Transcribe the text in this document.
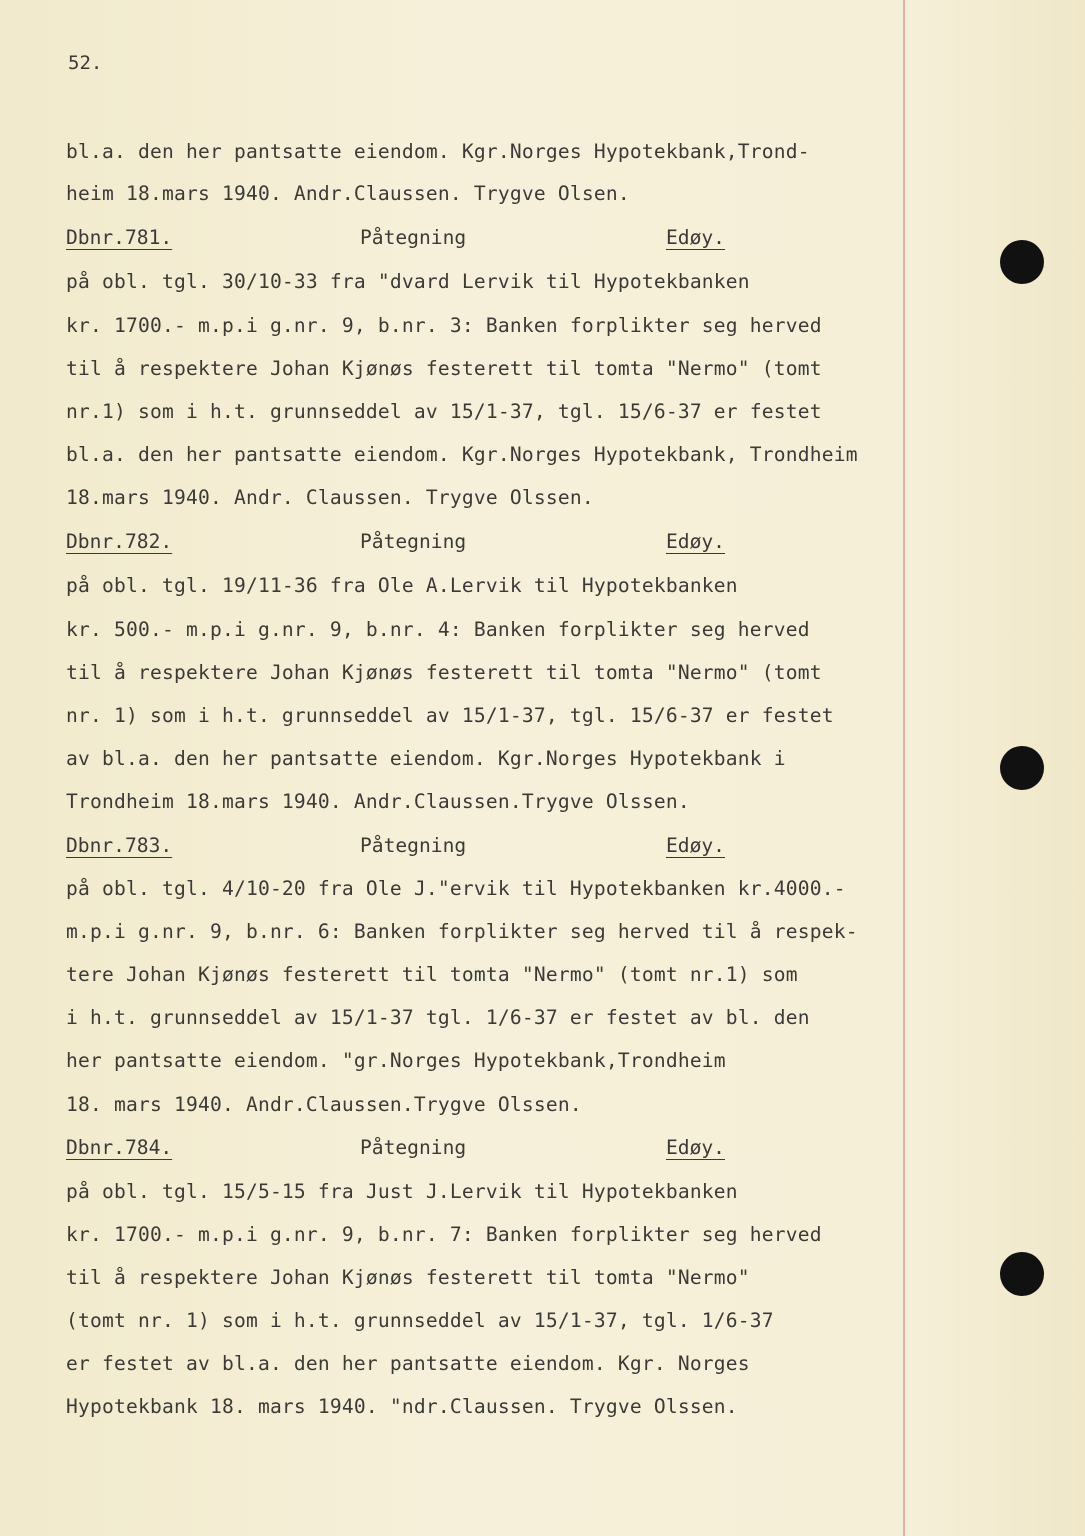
52.
bl.a. den her pantsatte eiendom. Kgr.Norges Hypotekbank,Trond-
heim 18.mars 1940. Andr.Claussen. Trygve Olsen.
Dbnr.781.	Påtegning	Edøy.
på obl. tgl. 30/10-33 fra "dvard Lervik til Hypotekbanken
kr. 1700.- m.p.i g.nr. 9, b.nr. 3: Banken forplikter seg herved
til å respektere Johan Kjønøs festerett til tomta "Nermo" (tomt
nr.1) som i h.t. grunnseddel av 15/1-37, tgl. 15/6-37 er festet
bl.a. den her pantsatte eiendom. Kgr.Norges Hypotekbank, Trondheim
18.mars 1940. Andr. Claussen. Trygve Olssen.
Dbnr.782.	Påtegning	Edøy.
på obl. tgl. 19/11-36 fra Ole A.Lervik til Hypotekbanken
kr. 500.- m.p.i g.nr. 9, b.nr. 4: Banken forplikter seg herved
til å respektere Johan Kjønøs festerett til tomta "Nermo" (tomt
nr. 1) som i h.t. grunnseddel av 15/1-37, tgl. 15/6-37 er festet
av bl.a. den her pantsatte eiendom. Kgr.Norges Hypotekbank i
Trondheim 18.mars 1940. Andr.Claussen.Trygve Olssen.
Dbnr.783.	Påtegning	Edøy.
på obl. tgl. 4/10-20 fra Ole J."ervik til Hypotekbanken kr.4000.-
m.p.i g.nr. 9, b.nr. 6: Banken forplikter seg herved til å respek-
tere Johan Kjønøs festerett til tomta "Nermo" (tomt nr.1) som
i h.t. grunnseddel av 15/1-37 tgl. 1/6-37 er festet av bl. den
her pantsatte eiendom. "gr.Norges Hypotekbank,Trondheim
18. mars 1940. Andr.Claussen.Trygve Olssen.
Dbnr.784.	Påtegning	Edøy.
på obl. tgl. 15/5-15 fra Just J.Lervik til Hypotekbanken
kr. 1700.- m.p.i g.nr. 9, b.nr. 7: Banken forplikter seg herved
til å respektere Johan Kjønøs festerett til tomta "Nermo"
(tomt nr. 1) som i h.t. grunnseddel av 15/1-37, tgl. 1/6-37
er festet av bl.a. den her pantsatte eiendom. Kgr. Norges
Hypotekbank 18. mars 1940. "ndr.Claussen. Trygve Olssen.
